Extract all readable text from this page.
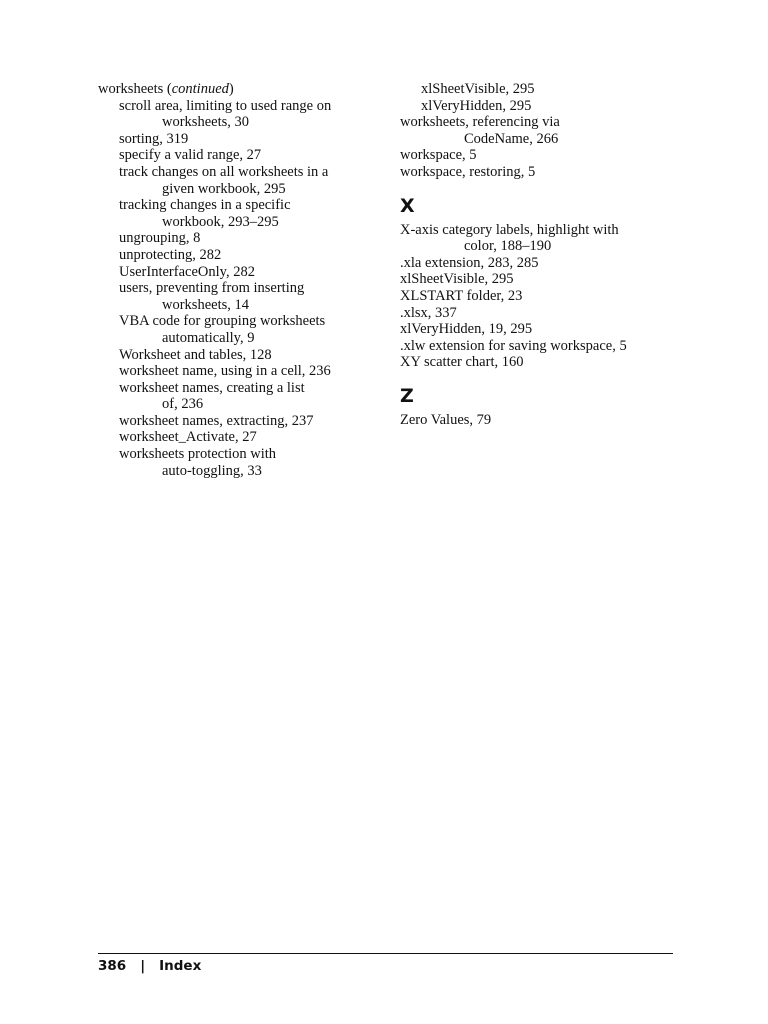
worksheets (continued)
scroll area, limiting to used range on
worksheets, 30
sorting, 319
specify a valid range, 27
track changes on all worksheets in a
given workbook, 295
tracking changes in a specific
workbook, 293–295
ungrouping, 8
unprotecting, 282
UserInterfaceOnly, 282
users, preventing from inserting
worksheets, 14
VBA code for grouping worksheets
automatically, 9
Worksheet and tables, 128
worksheet name, using in a cell, 236
worksheet names, creating a list
of, 236
worksheet names, extracting, 237
worksheet_Activate, 27
worksheets protection with
auto-toggling, 33
xlSheetVisible, 295
xlVeryHidden, 295
worksheets, referencing via
CodeName, 266
workspace, 5
workspace, restoring, 5
X
X-axis category labels, highlight with
color, 188–190
.xla extension, 283, 285
xlSheetVisible, 295
XLSTART folder, 23
.xlsx, 337
xlVeryHidden, 19, 295
.xlw extension for saving workspace, 5
XY scatter chart, 160
Z
Zero Values, 79
386 | Index
